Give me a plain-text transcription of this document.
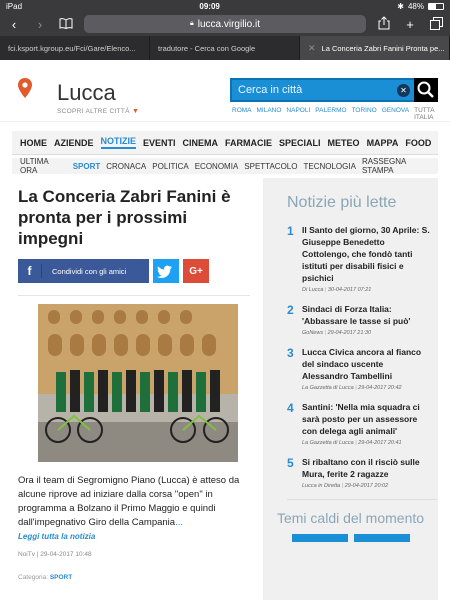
iPad	09:09	✱ 48%
‹	›	🔒︎ lucca.virgilio.it	+
fci.ksport.kgroup.eu/Fci/Gare/Elenco...	tradutore - Cerca con Google	✕ La Conceria Zabri Fanini Pronta pe...
Lucca
SCOPRI ALTRE CITTÀ ▼
Cerca in città	✕
ROMA MILANO NAPOLI PALERMO TORINO GENOVA TUTTA ITALIA
HOME AZIENDE NOTIZIE EVENTI CINEMA FARMACIE SPECIALI METEO MAPPA FOOD
ULTIMA ORA	SPORT CRONACA POLITICA ECONOMIA SPETTACOLO TECNOLOGIA RASSEGNA STAMPA
La Conceria Zabri Fanini è pronta per i prossimi impegni
f	Condividi con gli amici	G+

Ora il team di Segromigno Piano (Lucca) è atteso da alcune riprove ad iniziare dalla corsa "open" in programma a Bolzano il Primo Maggio e quindi dall'impegnativo Giro della Campania...

Leggi tutta la notizia
NoiTv | 29-04-2017 10:48
Categoria: SPORT
Notizie più lette
1 Il Santo del giorno, 30 Aprile: S. Giuseppe Benedetto Cottolengo, che fondò tanti istituti per disabili fisici e psichici
Di Lucca | 30-04-2017 07:21
2 Sindaci di Forza Italia: 'Abbassare le tasse si può'
GoNews | 29-04-2017 21:30
3 Lucca Civica ancora al fianco del sindaco uscente Alessandro Tambellini
La Gazzetta di Lucca | 29-04-2017 20:42
4 Santini: 'Nella mia squadra ci sarà posto per un assessore con delega agli animali'
La Gazzetta di Lucca | 29-04-2017 20:41
5 Si ribaltano con il risciò sulle Mura, ferite 2 ragazze
Lucca in Diretta | 29-04-2017 20:02
Temi caldi del momento
